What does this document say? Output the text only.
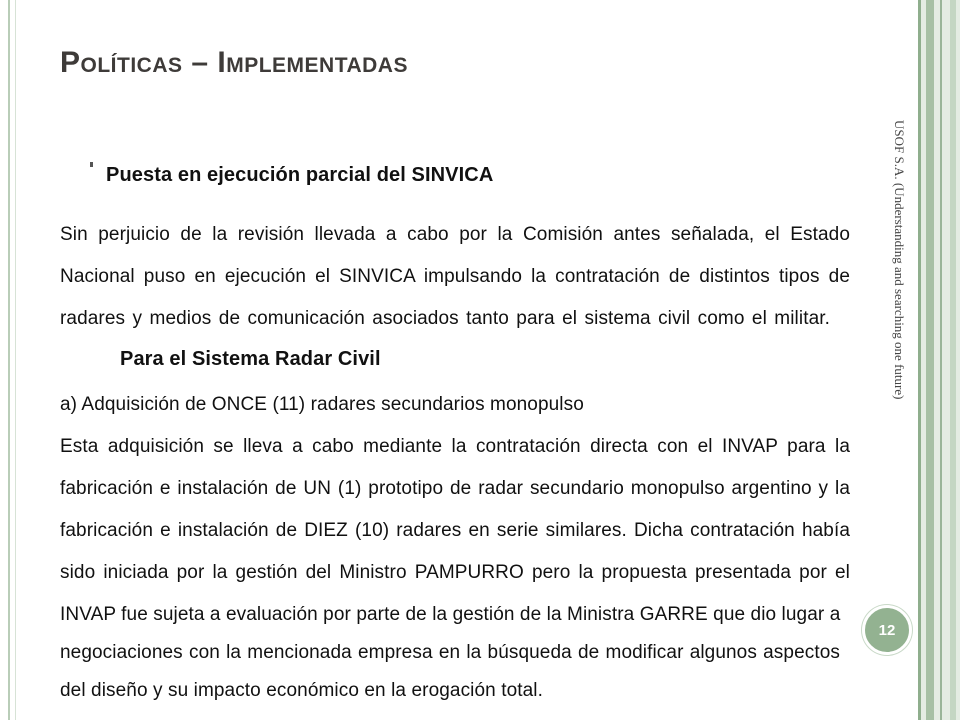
Políticas – Implementadas
Puesta en ejecución parcial del SINVICA
Sin perjuicio de la revisión llevada a cabo por la Comisión antes señalada, el Estado
Nacional puso en ejecución el SINVICA impulsando la contratación de distintos tipos de
radares y medios de comunicación asociados tanto para el sistema civil como el militar.
Para el Sistema Radar Civil
a) Adquisición de ONCE (11) radares secundarios monopulso
Esta adquisición se lleva a cabo mediante la contratación directa con el INVAP para la
fabricación e instalación de UN (1) prototipo de radar secundario monopulso argentino y la
fabricación e instalación de DIEZ (10) radares en serie similares. Dicha contratación había
sido iniciada por la gestión del Ministro PAMPURRO pero la propuesta presentada por el
INVAP fue sujeta a evaluación por parte de la gestión de la Ministra GARRE que dio lugar a
negociaciones con la mencionada empresa en la búsqueda de modificar algunos aspectos
del diseño y su impacto económico en la erogación total.
USOF S.A. (Understanding and searching one future)
12
